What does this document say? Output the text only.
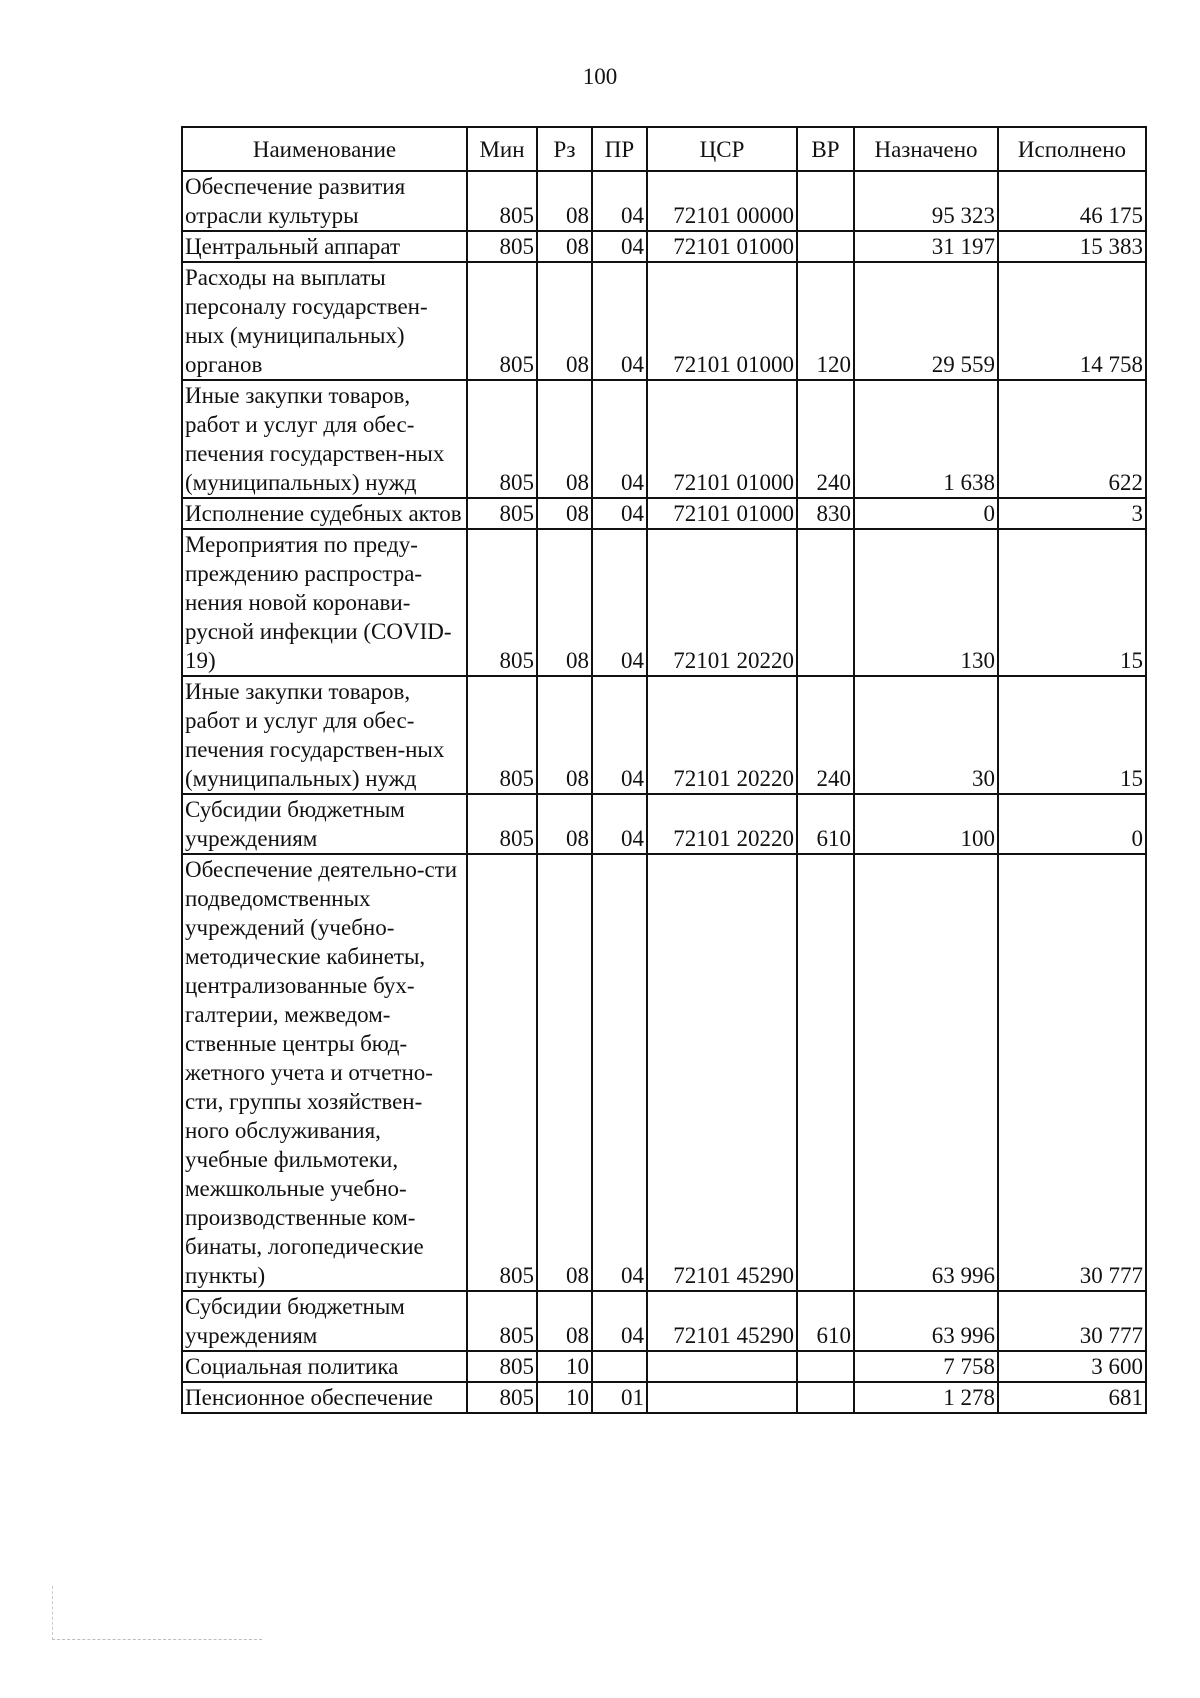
100
Наименование	Мин	Рз	ПР	ЦСР	ВР	Назначено	Исполнено
Обеспечение развития отрасли культуры	805	08	04	72101 00000		95 323	46 175
Центральный аппарат	805	08	04	72101 01000		31 197	15 383
Расходы на выплаты персоналу государствен-ных (муниципальных) органов	805	08	04	72101 01000	120	29 559	14 758
Иные закупки товаров, работ и услуг для обес-печения государствен-ных (муниципальных) нужд	805	08	04	72101 01000	240	1 638	622
Исполнение судебных актов	805	08	04	72101 01000	830	0	3
Мероприятия по преду-преждению распростра-нения новой коронави-русной инфекции (COVID-19)	805	08	04	72101 20220		130	15
Иные закупки товаров, работ и услуг для обес-печения государствен-ных (муниципальных) нужд	805	08	04	72101 20220	240	30	15
Субсидии бюджетным учреждениям	805	08	04	72101 20220	610	100	0
Обеспечение деятельно-сти подведомственных учреждений (учебно-методические кабинеты, централизованные бух-галтерии, межведом-ственные центры бюд-жетного учета и отчетно-сти, группы хозяйствен-ного обслуживания, учебные фильмотеки, межшкольные учебно-производственные ком-бинаты, логопедические пункты)	805	08	04	72101 45290		63 996	30 777
Субсидии бюджетным учреждениям	805	08	04	72101 45290	610	63 996	30 777
Социальная политика	805	10				7 758	3 600
Пенсионное обеспечение	805	10	01			1 278	681
